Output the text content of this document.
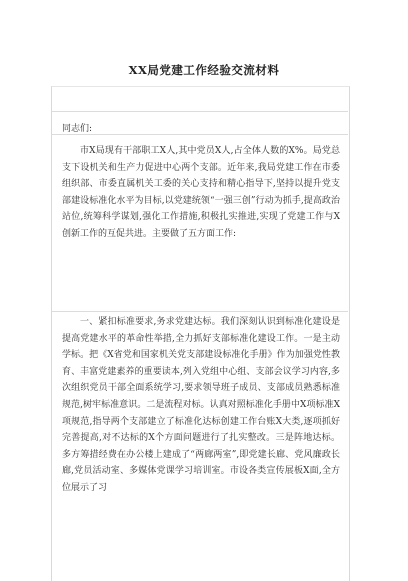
XX局党建工作经验交流材料
同志们:

市X局现有干部职工X人,其中党员X人,占全体人数的X%。局党总支下设机关和生产力促进中心两个支部。近年来,我局党建工作在市委组织部、市委直属机关工委的关心支持和精心指导下,坚持以提升党支部建设标准化水平为目标,以党建统领“一强三创”行动为抓手,提高政治站位,统筹科学谋划,强化工作措施,积极扎实推进,实现了党建工作与X创新工作的互促共进。主要做了五方面工作:

一、紧扣标准要求,务求党建达标。我们深刻认识到标准化建设是提高党建水平的革命性举措,全力抓好支部标准化建设工作。一是主动学标。把《X省党和国家机关党支部建设标准化手册》作为加强党性教育、丰富党建素养的重要读本,列入党组中心组、支部会议学习内容,多次组织党员干部全面系统学习,要求领导班子成员、支部成员熟悉标准规范,树牢标准意识。二是流程对标。认真对照标准化手册中X项标准X项规范,指导两个支部建立了标准化达标创建工作台账X大类,逐项抓好完善提高,对不达标的X个方面问题进行了扎实整改。三是阵地达标。多方筹措经费在办公楼上建成了“两廊两室”,即党建长廊、党风廉政长廊,党员活动室、多媒体党课学习培训室。市设各类宣传展板X面,全方位展示了习
